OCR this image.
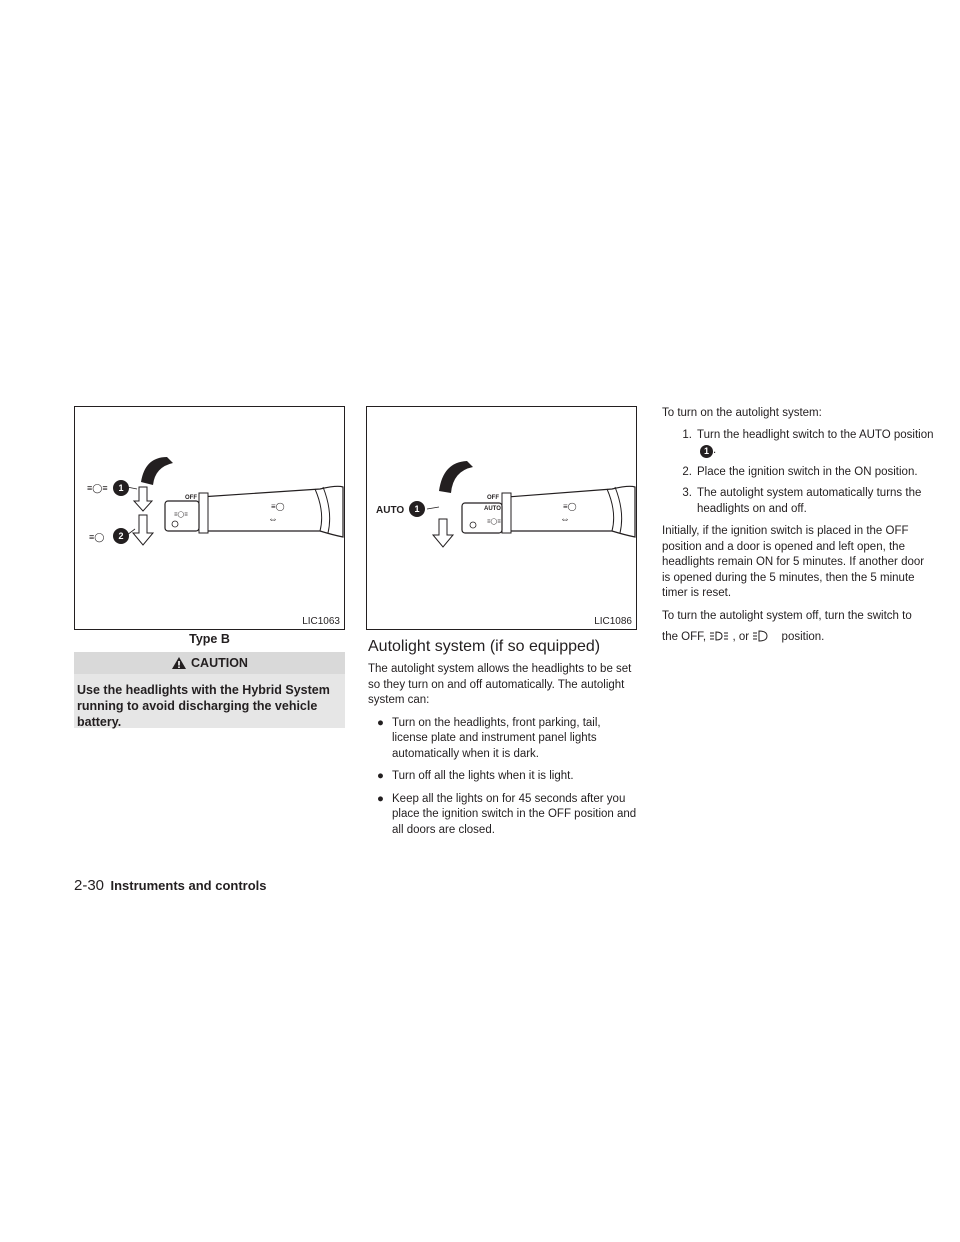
≡◯≡
≡◯
≡◯
⇔
≡◯≡
1
2
OFF
LIC1063
Type B
CAUTION
Use the headlights with the Hybrid System running to avoid discharging the vehicle battery.
≡◯
⇔
≡◯≡
AUTO	1
OFF
AUTO
LIC1086
Autolight system (if so equipped)
The autolight system allows the headlights to be set so they turn on and off automatically. The autolight system can:
● Turn on the headlights, front parking, tail, license plate and instrument panel lights automatically when it is dark.
● Turn off all the lights when it is light.
● Keep all the lights on for 45 seconds after you place the ignition switch in the OFF position and all doors are closed.
To turn on the autolight system:
1. Turn the headlight switch to the AUTO position1 .
2. Place the ignition switch in the ON position.
3. The autolight system automatically turns the headlights on and off.
Initially, if the ignition switch is placed in the OFF position and a door is opened and left open, the headlights remain ON for 5 minutes. If another door is opened during the 5 minutes, then the 5 minute timer is reset.
To turn the autolight system off, turn the switch to
the OFF, , or	position.
2-30 Instruments and controls
